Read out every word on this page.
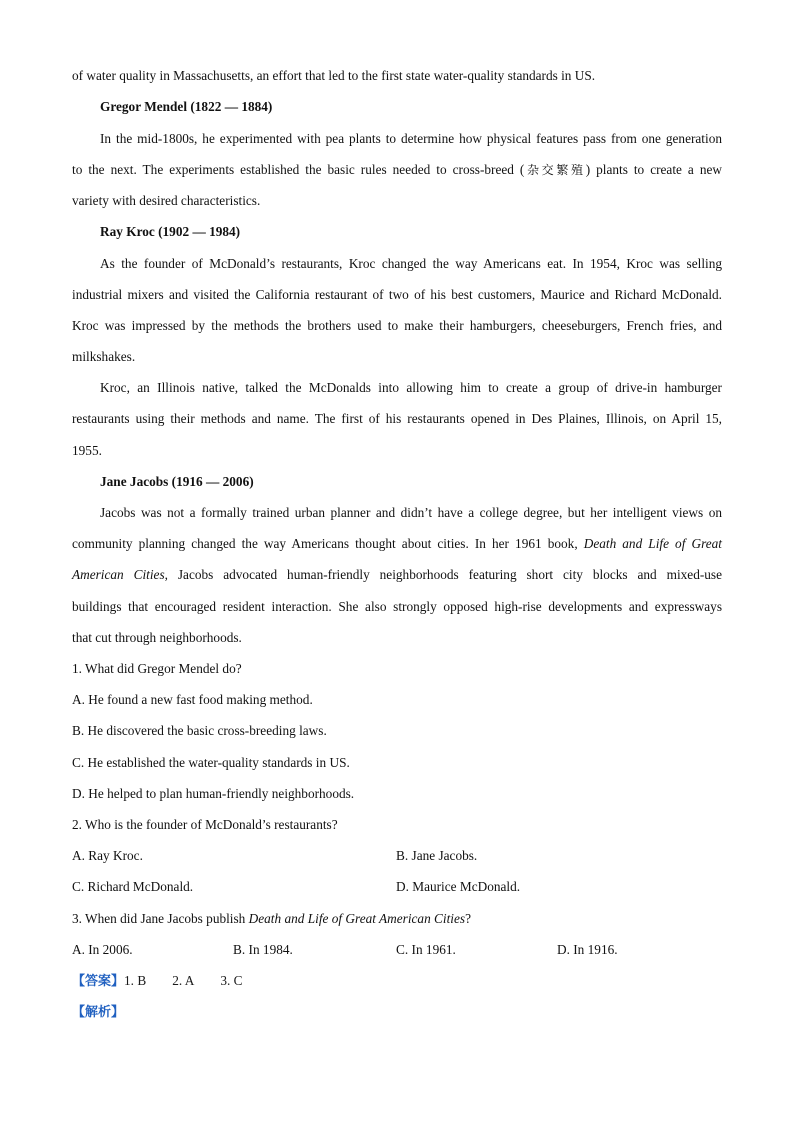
of water quality in Massachusetts, an effort that led to the first state water-quality standards in US.
Gregor Mendel (1822 — 1884)
In the mid-1800s, he experimented with pea plants to determine how physical features pass from one generation
to the next. The experiments established the basic rules needed to cross-breed (杂交繁殖) plants to create a new
variety with desired characteristics.
Ray Kroc (1902 — 1984)
As the founder of McDonald’s restaurants, Kroc changed the way Americans eat. In 1954, Kroc was selling
industrial mixers and visited the California restaurant of two of his best customers, Maurice and Richard McDonald.
Kroc was impressed by the methods the brothers used to make their hamburgers, cheeseburgers, French fries, and
milkshakes.
Kroc, an Illinois native, talked the McDonalds into allowing him to create a group of drive-in hamburger
restaurants using their methods and name. The first of his restaurants opened in Des Plaines, Illinois, on April 15,
1955.
Jane Jacobs (1916 — 2006)
Jacobs was not a formally trained urban planner and didn’t have a college degree, but her intelligent views on
community planning changed the way Americans thought about cities. In her 1961 book, Death and Life of Great
American Cities, Jacobs advocated human-friendly neighborhoods featuring short city blocks and mixed-use
buildings that encouraged resident interaction. She also strongly opposed high-rise developments and expressways
that cut through neighborhoods.
1. What did Gregor Mendel do?
A. He found a new fast food making method.
B. He discovered the basic cross-breeding laws.
C. He established the water-quality standards in US.
D. He helped to plan human-friendly neighborhoods.
2. Who is the founder of McDonald’s restaurants?
A. Ray Kroc.	B. Jane Jacobs.
C. Richard McDonald.	D. Maurice McDonald.
3. When did Jane Jacobs publish Death and Life of Great American Cities?
A. In 2006.	B. In 1984.	C. In 1961.	D. In 1916.
【答案】1. B 2. A 3. C
【解析】
